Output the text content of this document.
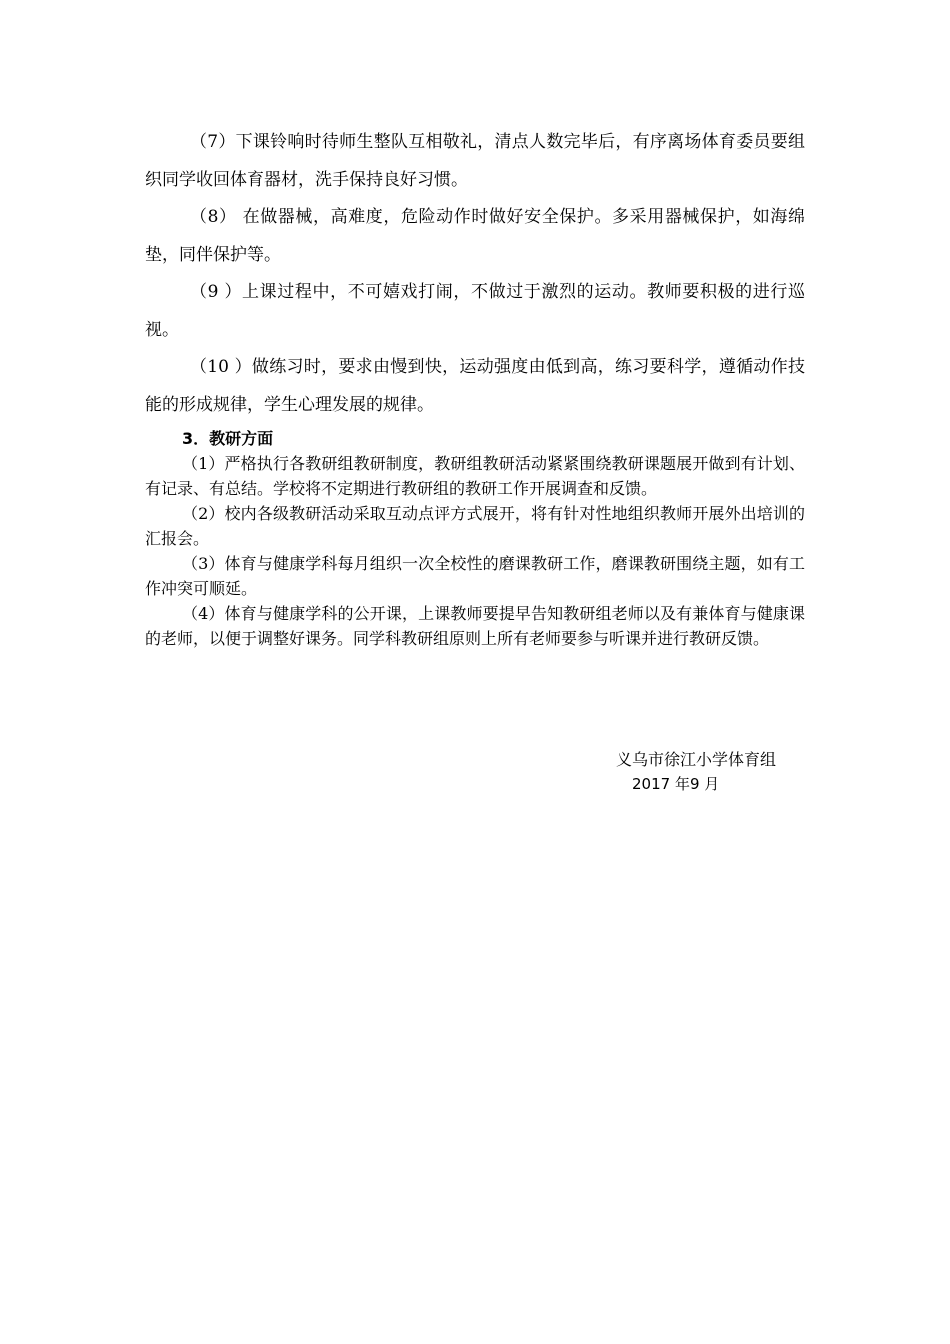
（7）下课铃响时待师生整队互相敬礼，清点人数完毕后，有序离场体育委员要组织同学收回体育器材，洗手保持良好习惯。

（8） 在做器械，高难度，危险动作时做好安全保护。多采用器械保护，如海绵垫，同伴保护等。

（9 ）上课过程中，不可嬉戏打闹，不做过于激烈的运动。教师要积极的进行巡视。

（10 ）做练习时，要求由慢到快，运动强度由低到高，练习要科学，遵循动作技能的形成规律，学生心理发展的规律。

3．教研方面

（1）严格执行各教研组教研制度，教研组教研活动紧紧围绕教研课题展开做到有计划、有记录、有总结。学校将不定期进行教研组的教研工作开展调查和反馈。

（2）校内各级教研活动采取互动点评方式展开，将有针对性地组织教师开展外出培训的汇报会。

（3）体育与健康学科每月组织一次全校性的磨课教研工作，磨课教研围绕主题，如有工作冲突可顺延。

（4）体育与健康学科的公开课，上课教师要提早告知教研组老师以及有兼体育与健康课的老师，以便于调整好课务。同学科教研组原则上所有老师要参与听课并进行教研反馈。

义乌市徐江小学体育组

2017 年9 月
